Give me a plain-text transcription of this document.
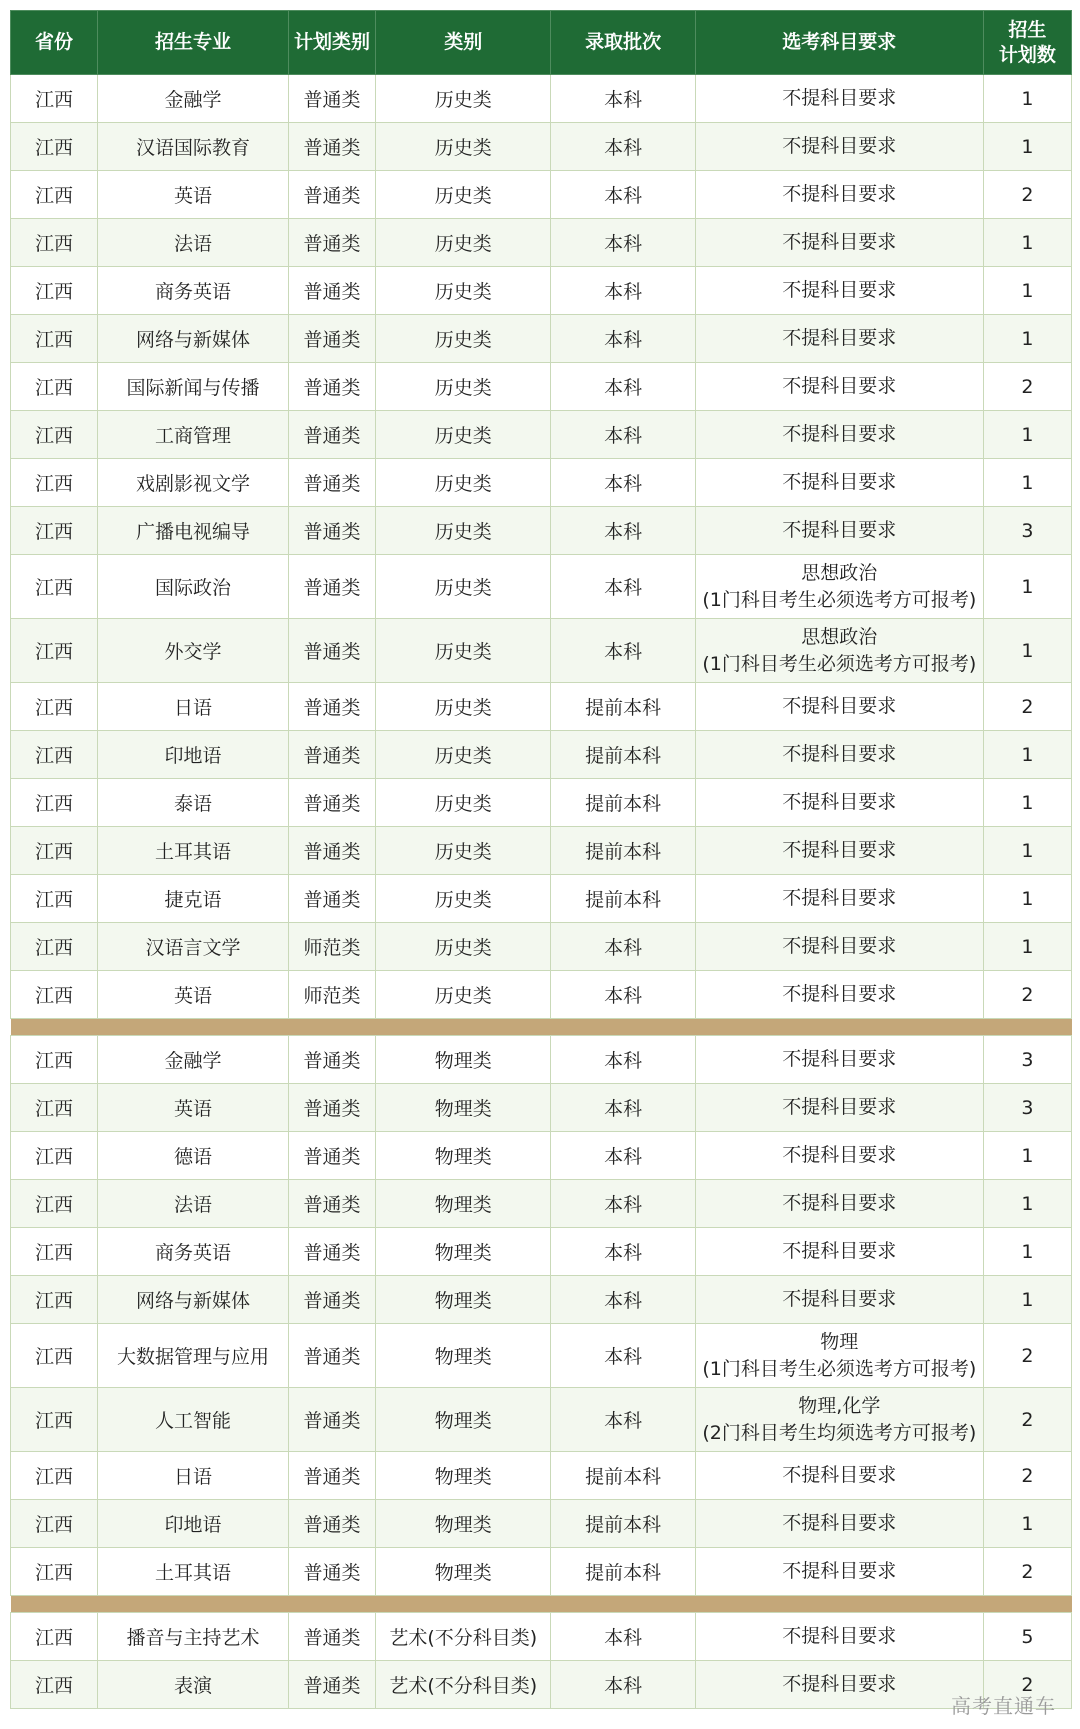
省份	招生专业	计划类别	类别	录取批次	选考科目要求	招生
计划数
江西	金融学	普通类	历史类	本科	不提科目要求	1
江西	汉语国际教育	普通类	历史类	本科	不提科目要求	1
江西	英语	普通类	历史类	本科	不提科目要求	2
江西	法语	普通类	历史类	本科	不提科目要求	1
江西	商务英语	普通类	历史类	本科	不提科目要求	1
江西	网络与新媒体	普通类	历史类	本科	不提科目要求	1
江西	国际新闻与传播	普通类	历史类	本科	不提科目要求	2
江西	工商管理	普通类	历史类	本科	不提科目要求	1
江西	戏剧影视文学	普通类	历史类	本科	不提科目要求	1
江西	广播电视编导	普通类	历史类	本科	不提科目要求	3
江西	国际政治	普通类	历史类	本科	思想政治
(1门科目考生必须选考方可报考)	1
江西	外交学	普通类	历史类	本科	思想政治
(1门科目考生必须选考方可报考)	1
江西	日语	普通类	历史类	提前本科	不提科目要求	2
江西	印地语	普通类	历史类	提前本科	不提科目要求	1
江西	泰语	普通类	历史类	提前本科	不提科目要求	1
江西	土耳其语	普通类	历史类	提前本科	不提科目要求	1
江西	捷克语	普通类	历史类	提前本科	不提科目要求	1
江西	汉语言文学	师范类	历史类	本科	不提科目要求	1
江西	英语	师范类	历史类	本科	不提科目要求	2

江西	金融学	普通类	物理类	本科	不提科目要求	3
江西	英语	普通类	物理类	本科	不提科目要求	3
江西	德语	普通类	物理类	本科	不提科目要求	1
江西	法语	普通类	物理类	本科	不提科目要求	1
江西	商务英语	普通类	物理类	本科	不提科目要求	1
江西	网络与新媒体	普通类	物理类	本科	不提科目要求	1
江西	大数据管理与应用	普通类	物理类	本科	物理
(1门科目考生必须选考方可报考)	2
江西	人工智能	普通类	物理类	本科	物理,化学
(2门科目考生均须选考方可报考)	2
江西	日语	普通类	物理类	提前本科	不提科目要求	2
江西	印地语	普通类	物理类	提前本科	不提科目要求	1
江西	土耳其语	普通类	物理类	提前本科	不提科目要求	2

江西	播音与主持艺术	普通类	艺术(不分科目类)	本科	不提科目要求	5
江西	表演	普通类	艺术(不分科目类)	本科	不提科目要求	2
高考直通车
